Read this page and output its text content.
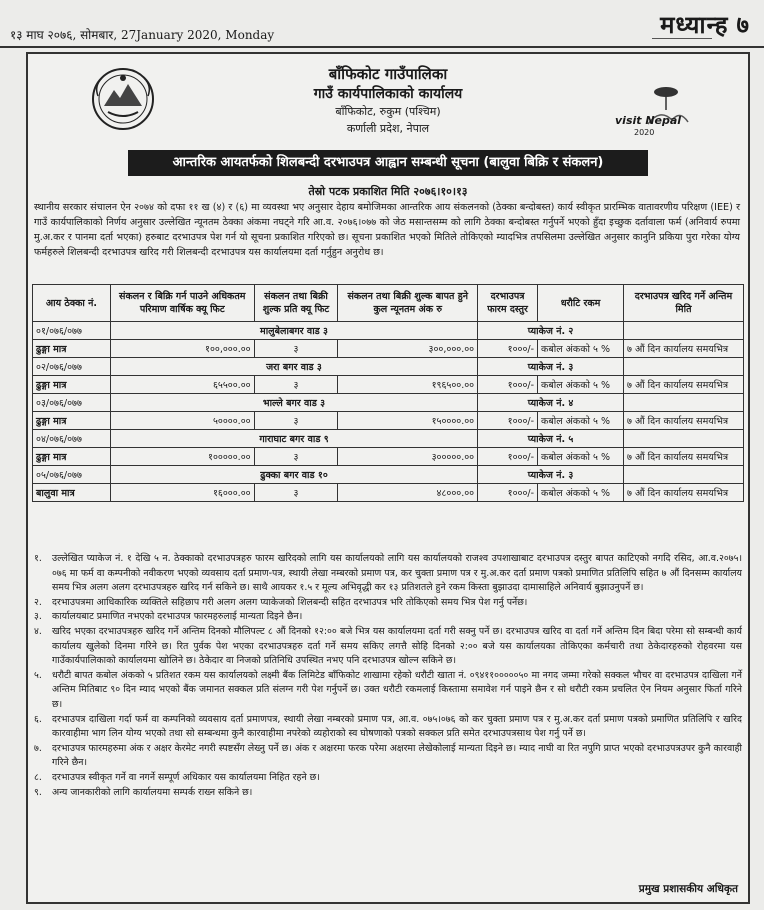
१३ माघ २०७६, सोमबार, 27January 2020, Monday	मध्यान्ह ७
बाँफिकोट गाउँपालिका
गाउँ कार्यपालिकाको कार्यालय
बाँफिकोट, रुकुम (पश्चिम)
कर्णाली प्रदेश, नेपाल
visit Nepal
2020
आन्तरिक आयतर्फको शिलबन्दी दरभाउपत्र आह्वान सम्बन्धी सूचना (बालुवा बिक्रि र संकलन)
तेस्रो पटक प्रकाशित मिति २०७६।१०।१३
स्थानीय सरकार संचालन ऐन २०७४ को दफा ११ ख (४) र (६) मा व्यवस्था भए अनुसार देहाय बमोजिमका आन्तरिक आय संकलनको (ठेक्का बन्दोबस्त) कार्य स्वीकृत प्रारम्भिक वातावरणीय परिक्षण (IEE) र गाउँ कार्यपालिकाको निर्णय अनुसार उल्लेखित न्यूनतम ठेक्का अंकमा नघट्ने गरि आ.व. २०७६।०७७ को जेठ मसान्तसम्म को लागि ठेक्का बन्दोबस्त गर्नुपर्ने भएको हुँदा इच्छुक दर्तावाला फर्म (अनिवार्य रुपमा मु.अ.कर र पानमा दर्ता भएका) हरुबाट दरभाउपत्र पेश गर्न यो सूचना प्रकाशित गरिएको छ। सूचना प्रकाशित भएको मितिले तोकिएको म्यादभित्र तपसिलमा उल्लेखित अनुसार कानुनि प्रकिया पुरा गरेका योग्य फर्महरुले शिलबन्दी दरभाउपत्र खरिद गरी शिलबन्दी दरभाउपत्र यस कार्यालयमा दर्ता गर्नुहुन अनुरोध छ।
आय ठेक्का नं.	संकलन र बिक्रि गर्न पाउने अधिकतम परिमाण वार्षिक क्यू फिट	संकलन तथा बिक्री शुल्क प्रति क्यू फिट	संकलन तथा बिक्री शुल्क बापत हुने कुल न्यूनतम अंक रु	दरभाउपत्र फारम दस्तुर	धरौटि रकम	दरभाउपत्र खरिद गर्ने अन्तिम मिति
०१/०७६/०७७	मालुबेलाबगर वाड ३			प्याकेज नं. २		
ढुङ्गा मात्र	१००,०००.००	३	३००,०००.००	१०००/-	कबोल अंकको ५ %	७ औं दिन कार्यालय समयभित्र
०२/०७६/०७७	जरा बगर वाड ३			प्याकेज नं. ३		
ढुङ्गा मात्र	६५५००.००	३	१९६५००.००	१०००/-	कबोल अंकको ५ %	७ औं दिन कार्यालय समयभित्र
०३/०७६/०७७	भाल्ले बगर वाड ३			प्याकेज नं. ४		
ढुङ्गा मात्र	५००००.००	३	१५००००.००	१०००/-	कबोल अंकको ५ %	७ औं दिन कार्यालय समयभित्र
०४/०७६/०७७	गाराघाट बगर वाड ९			प्याकेज नं. ५		
ढुङ्गा मात्र	१०००००.००	३	३०००००.००	१०००/-	कबोल अंकको ५ %	७ औं दिन कार्यालय समयभित्र
०५/०७६/०७७	ढुक्का बगर वाड १०			प्याकेज नं. ३		
बालुवा मात्र	१६०००.००	३	४८०००.००	१०००/-	कबोल अंकको ५ %	७ औं दिन कार्यालय समयभित्र
१. उल्लेखित प्याकेज नं. १ देखि ५ न. ठेक्काको दरभाउपत्रहरु फारम खरिदको लागि यस कार्यालयको लागि यस कार्यालयको राजश्व उपशाखाबाट दरभाउपत्र दस्तुर बापत काटिएको नगदि रसिद, आ.व.२०७५।०७६ मा फर्म वा कम्पनीको नवीकरण भएको व्यवसाय दर्ता प्रमाण-पत्र, स्थायी लेखा नम्बरको प्रमाण पत्र, कर चुक्ता प्रमाण पत्र र मु.अ.कर दर्ता प्रमाण पत्रको प्रमाणित प्रतिलिपि सहित ७ औं दिनसम्म कार्यालय समय भित्र अलग अलग दरभाउपत्रहरु खरिद गर्न सकिने छ। साथै आयकर १.५ र मूल्य अभिवृद्धी कर १३ प्रतिशतले हुने रकम किस्ता बुझाउदा दामासाहिले अनिवार्य बुझाउनुपर्ने छ।
२. दरभाउपत्रमा आधिकारिक व्यक्तिले सहिछाप गरी अलग अलग प्याकेजको शिलबन्दी सहित दरभाउपत्र भरि तोकिएको समय भित्र पेश गर्नु पर्नेछ।
३. कार्यालयबाट प्रमाणित नभएको दरभाउपत्र फारमहरुलाई मान्यता दिइने छैन।
४. खरिद भएका दरभाउपत्रहरु खरिद गर्ने अन्तिम दिनको मौलिपल्ट ८ औं दिनको १२:०० बजे भित्र यस कार्यालयमा दर्ता गरी सक्नु पर्ने छ। दरभाउपत्र खरिद वा दर्ता गर्ने अन्तिम दिन बिदा परेमा सो सम्बन्धी कार्य कार्यालय खुलेको दिनमा गरिने छ। रित पुर्वक पेश भएका दरभाउपत्रहरु दर्ता गर्ने समय सकिए लगत्तै सोहि दिनको २:०० बजे यस कार्यालयका तोकिएका कर्मचारी तथा ठेकेदारहरुको रोहवरमा यस गाउँकार्यपालिकाको कार्यालयमा खोलिने छ। ठेकेदार वा निजको प्रतिनिधि उपस्थित नभए पनि दरभाउपत्र खोल्न सकिने छ।
५. धरौटी बापत कबोल अंकको ५ प्रतिशत रकम यस कार्यालयको लक्ष्मी बैंक लिमिटेड बाँफिकोट शाखामा रहेको धरौटी खाता नं. ०९४११०००००५० मा नगद जम्मा गरेको सक्कल भौचर वा दरभाउपत्र दाखिला गर्ने अन्तिम मितिबाट ९० दिन म्याद भएको बैंक जमानत सक्कल प्रति संलग्न गरी पेश गर्नुपर्ने छ। उक्त धरौटी रकमलाई किस्तामा समावेश गर्न पाइने छैन र सो धरौटी रकम प्रचलित ऐन नियम अनुसार फिर्ता गरिने छ।
६. दरभाउपत्र दाखिला गर्दा फर्म वा कम्पनिको व्यवसाय दर्ता प्रमाणपत्र, स्थायी लेखा नम्बरको प्रमाण पत्र, आ.व. ०७५।०७६ को कर चुक्ता प्रमाण पत्र र मु.अ.कर दर्ता प्रमाण पत्रको प्रमाणित प्रतिलिपि र खरिद कारवाहीमा भाग लिन योग्य भएको तथा सो सम्बन्धमा कुनै कारवाहीमा नपरेको व्यहोराको स्व घोषणाको पत्रको सक्कल प्रति समेत दरभाउपत्रसाथ पेश गर्नु पर्ने छ।
७. दरभाउपत्र फारमहरुमा अंक र अक्षर केरमेट नगरी स्पष्टसँग लेख्नु पर्ने छ। अंक र अक्षरमा फरक परेमा अक्षरमा लेखेकोलाई मान्यता दिइने छ। म्याद नाघी वा रित नपुगि प्राप्त भएको दरभाउपत्रउपर कुनै कारवाही गरिने छैन।
८. दरभाउपत्र स्वीकृत गर्ने वा नगर्ने सम्पूर्ण अधिकार यस कार्यालयमा निहित रहने छ।
९. अन्य जानकारीको लागि कार्यालयमा सम्पर्क राख्न सकिने छ।
प्रमुख प्रशासकीय अधिकृत
